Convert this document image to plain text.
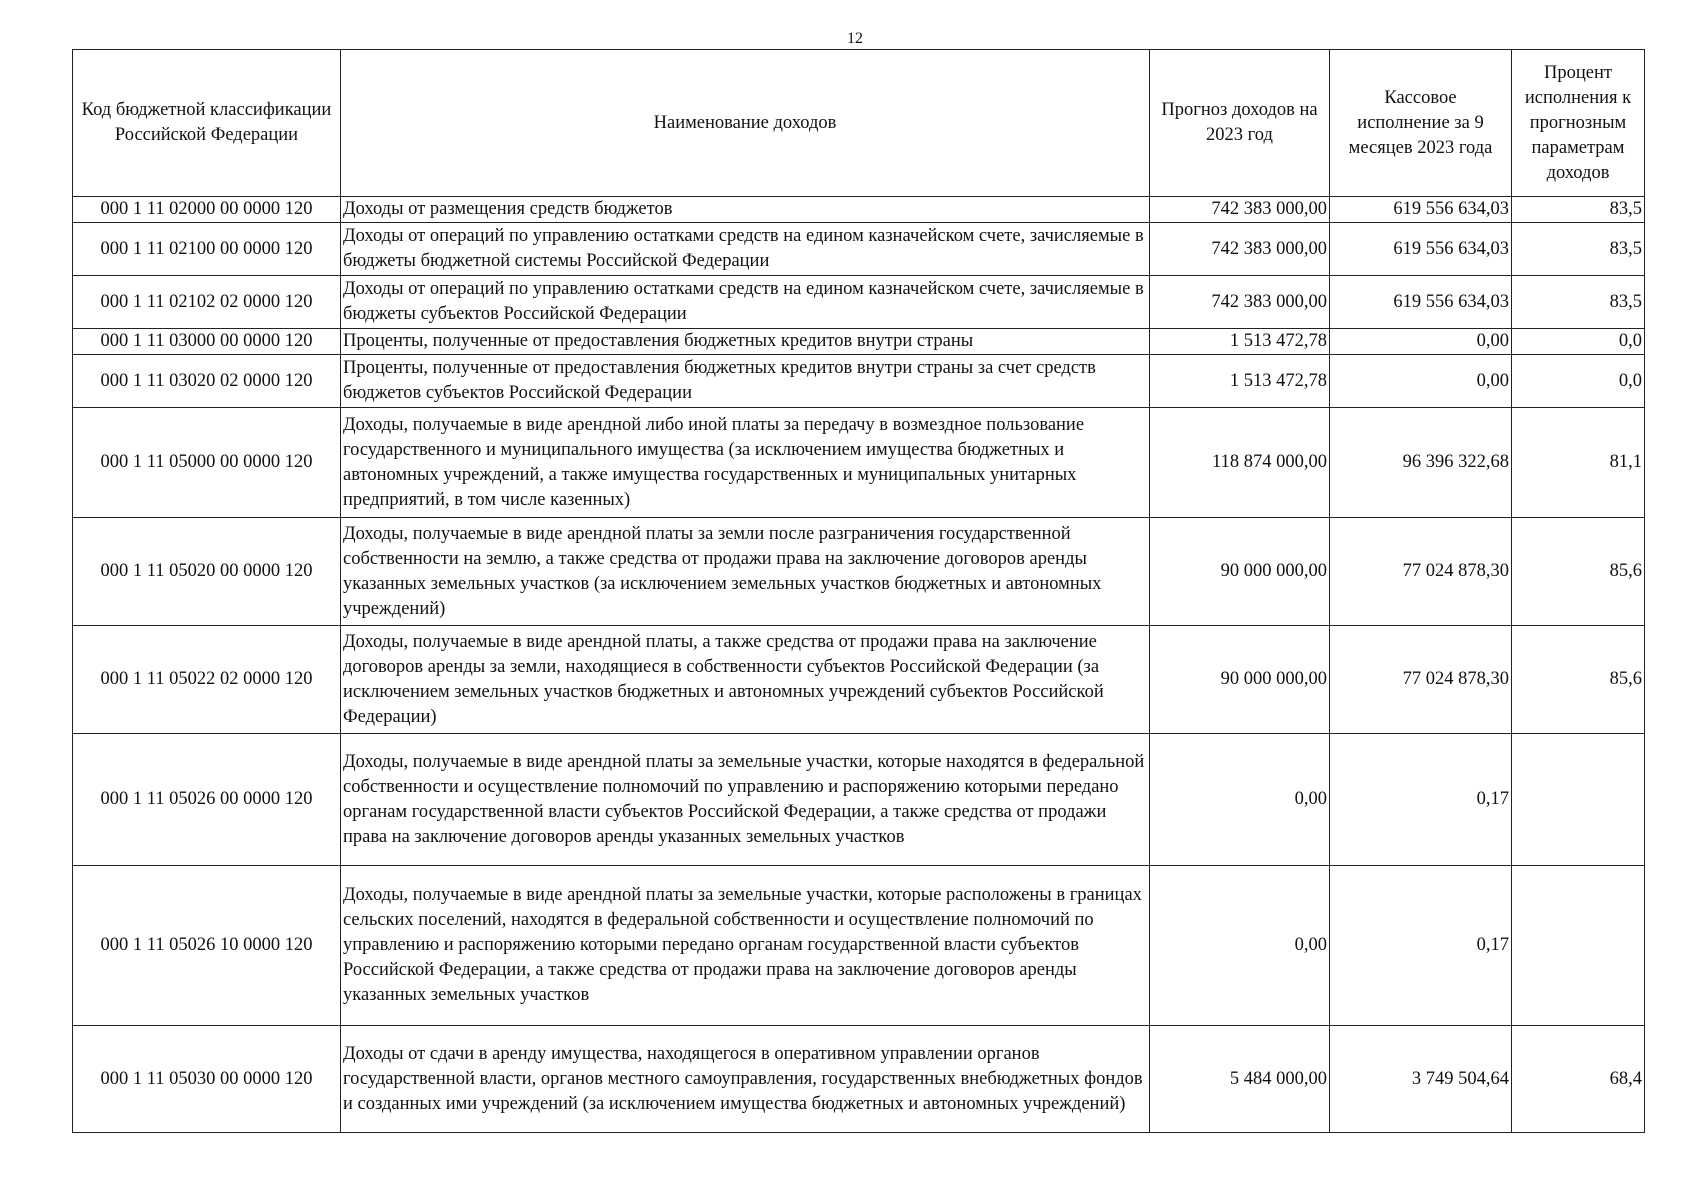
12
Код бюджетной классификации Российской Федерации	Наименование доходов	Прогноз доходов на 2023 год	Кассовое исполнение за 9 месяцев 2023 года	Процент исполнения к прогнозным параметрам доходов
000 1 11 02000 00 0000 120	Доходы от размещения средств бюджетов	742 383 000,00	619 556 634,03	83,5
000 1 11 02100 00 0000 120	Доходы от операций по управлению остатками средств на едином казначейском счете, зачисляемые в бюджеты бюджетной системы Российской Федерации	742 383 000,00	619 556 634,03	83,5
000 1 11 02102 02 0000 120	Доходы от операций по управлению остатками средств на едином казначейском счете, зачисляемые в бюджеты субъектов Российской Федерации	742 383 000,00	619 556 634,03	83,5
000 1 11 03000 00 0000 120	Проценты, полученные от предоставления бюджетных кредитов внутри страны	1 513 472,78	0,00	0,0
000 1 11 03020 02 0000 120	Проценты, полученные от предоставления бюджетных кредитов внутри страны за счет средств бюджетов субъектов Российской Федерации	1 513 472,78	0,00	0,0
000 1 11 05000 00 0000 120	Доходы, получаемые в виде арендной либо иной платы за передачу в возмездное пользование государственного и муниципального имущества (за исключением имущества бюджетных и автономных учреждений, а также имущества государственных и муниципальных унитарных предприятий, в том числе казенных)	118 874 000,00	96 396 322,68	81,1
000 1 11 05020 00 0000 120	Доходы, получаемые в виде арендной платы за земли после разграничения государственной собственности на землю, а также средства от продажи права на заключение договоров аренды указанных земельных участков (за исключением земельных участков бюджетных и автономных учреждений)	90 000 000,00	77 024 878,30	85,6
000 1 11 05022 02 0000 120	Доходы, получаемые в виде арендной платы, а также средства от продажи права на заключение договоров аренды за земли, находящиеся в собственности субъектов Российской Федерации (за исключением земельных участков бюджетных и автономных учреждений субъектов Российской Федерации)	90 000 000,00	77 024 878,30	85,6
000 1 11 05026 00 0000 120	Доходы, получаемые в виде арендной платы за земельные участки, которые находятся в федеральной собственности и осуществление полномочий по управлению и распоряжению которыми передано органам государственной власти субъектов Российской Федерации, а также средства от продажи права на заключение договоров аренды указанных земельных участков	0,00	0,17	
000 1 11 05026 10 0000 120	Доходы, получаемые в виде арендной платы за земельные участки, которые расположены в границах сельских поселений, находятся в федеральной собственности и осуществление полномочий по управлению и распоряжению которыми передано органам государственной власти субъектов Российской Федерации, а также средства от продажи права на заключение договоров аренды указанных земельных участков	0,00	0,17	
000 1 11 05030 00 0000 120	Доходы от сдачи в аренду имущества, находящегося в оперативном управлении органов государственной власти, органов местного самоуправления, государственных внебюджетных фондов и созданных ими учреждений (за исключением имущества бюджетных и автономных учреждений)	5 484 000,00	3 749 504,64	68,4
